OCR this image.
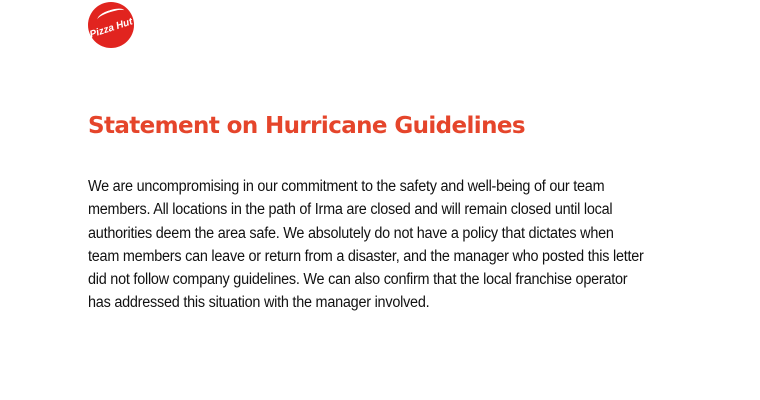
Pizza Hut
Statement on Hurricane Guidelines

We are uncompromising in our commitment to the safety and well-being of our team members. All locations in the path of Irma are closed and will remain closed until local authorities deem the area safe. We absolutely do not have a policy that dictates when team members can leave or return from a disaster, and the manager who posted this letter did not follow company guidelines. We can also confirm that the local franchise operator has addressed this situation with the manager involved.
